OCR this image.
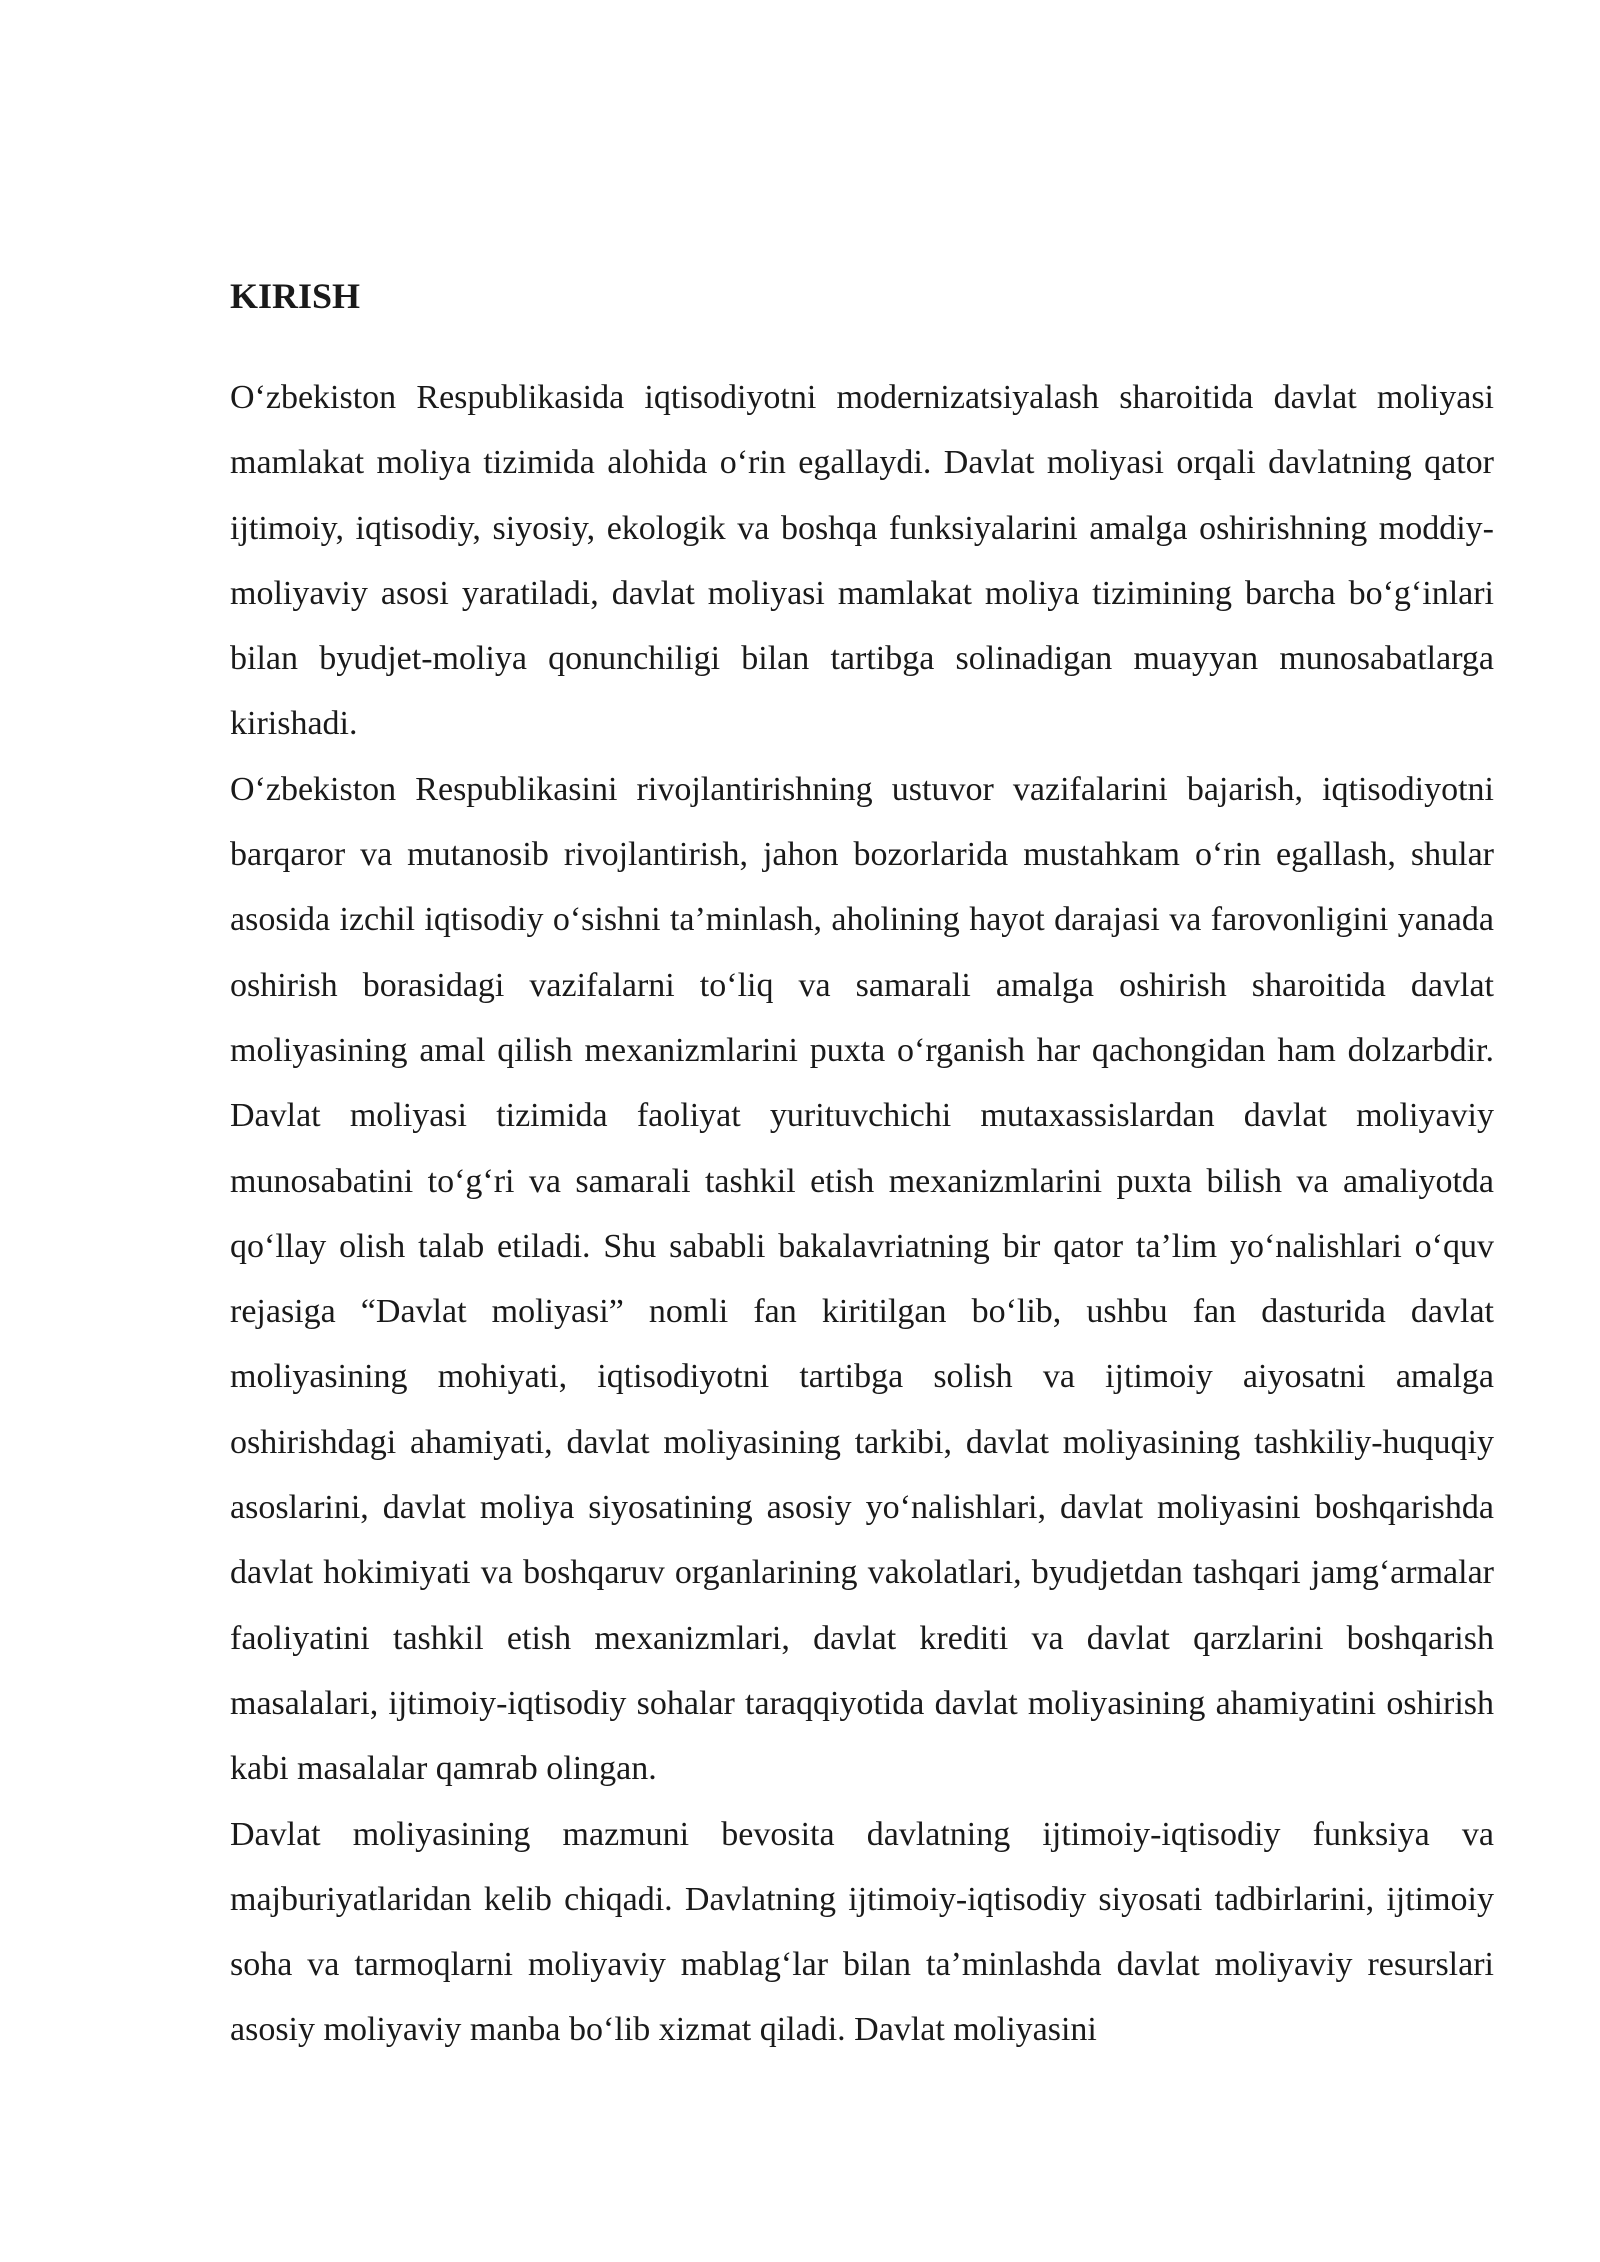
KIRISH

O‘zbekiston Respublikasida iqtisodiyotni modernizatsiyalash sharoitida davlat moliyasi mamlakat moliya tizimida alohida o‘rin egallaydi. Davlat moliyasi orqali davlatning qator ijtimoiy, iqtisodiy, siyosiy, ekologik va boshqa funksiyalarini amalga oshirishning moddiy-moliyaviy asosi yaratiladi, davlat moliyasi mamlakat moliya tizimining barcha bo‘g‘inlari bilan byudjet-moliya qonunchiligi bilan tartibga solinadigan muayyan munosabatlarga kirishadi.

O‘zbekiston Respublikasini rivojlantirishning ustuvor vazifalarini bajarish, iqtisodiyotni barqaror va mutanosib rivojlantirish, jahon bozorlarida mustahkam o‘rin egallash, shular asosida izchil iqtisodiy o‘sishni ta’minlash, aholining hayot darajasi va farovonligini yanada oshirish borasidagi vazifalarni to‘liq va samarali amalga oshirish sharoitida davlat moliyasining amal qilish mexanizmlarini puxta o‘rganish har qachongidan ham dolzarbdir. Davlat moliyasi tizimida faoliyat yurituvchichi mutaxassislardan davlat moliyaviy munosabatini to‘g‘ri va samarali tashkil etish mexanizmlarini puxta bilish va amaliyotda qo‘llay olish talab etiladi. Shu sababli bakalavriatning bir qator ta’lim yo‘nalishlari o‘quv rejasiga “Davlat moliyasi” nomli fan kiritilgan bo‘lib, ushbu fan dasturida davlat moliyasining mohiyati, iqtisodiyotni tartibga solish va ijtimoiy aiyosatni amalga oshirishdagi ahamiyati, davlat moliyasining tarkibi, davlat moliyasining tashkiliy-huquqiy asoslarini, davlat moliya siyosatining asosiy yo‘nalishlari, davlat moliyasini boshqarishda davlat hokimiyati va boshqaruv organlarining vakolatlari, byudjetdan tashqari jamg‘armalar faoliyatini tashkil etish mexanizmlari, davlat krediti va davlat qarzlarini boshqarish masalalari, ijtimoiy-iqtisodiy sohalar taraqqiyotida davlat moliyasining ahamiyatini oshirish kabi masalalar qamrab olingan.

Davlat moliyasining mazmuni bevosita davlatning ijtimoiy-iqtisodiy funksiya va majburiyatlaridan kelib chiqadi. Davlatning ijtimoiy-iqtisodiy siyosati tadbirlarini, ijtimoiy soha va tarmoqlarni moliyaviy mablag‘lar bilan ta’minlashda davlat moliyaviy resurslari asosiy moliyaviy manba bo‘lib xizmat qiladi. Davlat moliyasini
